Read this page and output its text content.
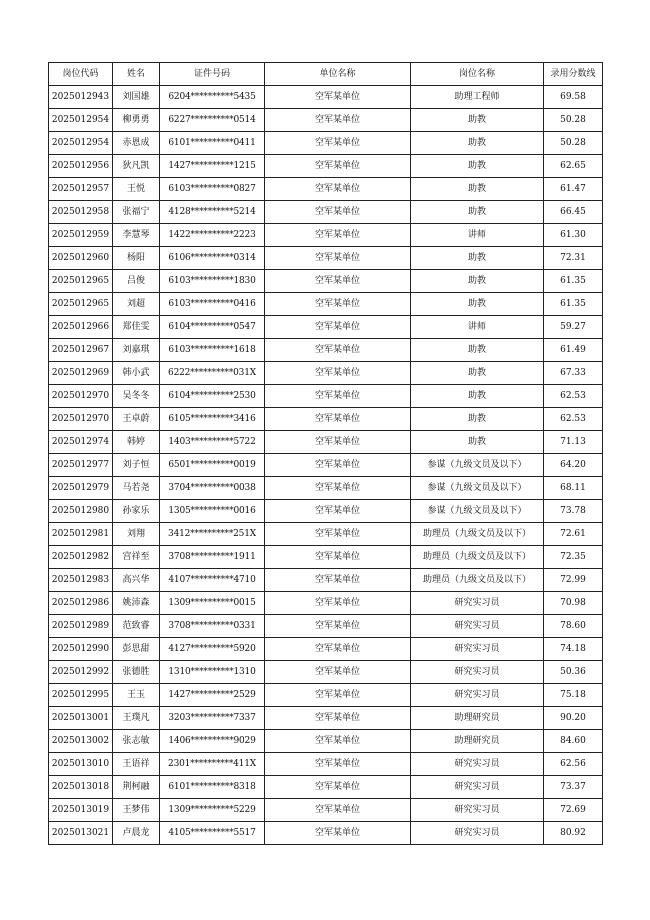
岗位代码	姓名	证件号码	单位名称	岗位名称	录用分数线
2025012943	刘国雄	6204**********5435	空军某单位	助理工程师	69.58
2025012954	柳勇勇	6227**********0514	空军某单位	助教	50.28
2025012954	赤恩成	6101**********0411	空军某单位	助教	50.28
2025012956	狄凡凯	1427**********1215	空军某单位	助教	62.65
2025012957	王悦	6103**********0827	空军某单位	助教	61.47
2025012958	张福宁	4128**********5214	空军某单位	助教	66.45
2025012959	李慧琴	1422**********2223	空军某单位	讲师	61.30
2025012960	杨阳	6106**********0314	空军某单位	助教	72.31
2025012965	吕俊	6103**********1830	空军某单位	助教	61.35
2025012965	刘超	6103**********0416	空军某单位	助教	61.35
2025012966	郑佳雯	6104**********0547	空军某单位	讲师	59.27
2025012967	刘嘉琪	6103**********1618	空军某单位	助教	61.49
2025012969	韩小武	6222**********031X	空军某单位	助教	67.33
2025012970	吴冬冬	6104**********2530	空军某单位	助教	62.53
2025012970	王卓蔚	6105**********3416	空军某单位	助教	62.53
2025012974	韩婷	1403**********5722	空军某单位	助教	71.13
2025012977	刘子恒	6501**********0019	空军某单位	参谋（九级文员及以下）	64.20
2025012979	马若尧	3704**********0038	空军某单位	参谋（九级文员及以下）	68.11
2025012980	孙家乐	1305**********0016	空军某单位	参谋（九级文员及以下）	73.78
2025012981	刘翔	3412**********251X	空军某单位	助理员（九级文员及以下）	72.61
2025012982	宫祥至	3708**********1911	空军某单位	助理员（九级文员及以下）	72.35
2025012983	高兴华	4107**********4710	空军某单位	助理员（九级文员及以下）	72.99
2025012986	姚沛森	1309**********0015	空军某单位	研究实习员	70.98
2025012989	范致睿	3708**********0331	空军某单位	研究实习员	78.60
2025012990	彭思甜	4127**********5920	空军某单位	研究实习员	74.18
2025012992	张德胜	1310**********1310	空军某单位	研究实习员	50.36
2025012995	王玉	1427**********2529	空军某单位	研究实习员	75.18
2025013001	王璞凡	3203**********7337	空军某单位	助理研究员	90.20
2025013002	张志敏	1406**********9029	空军某单位	助理研究员	84.60
2025013010	王语祥	2301**********411X	空军某单位	研究实习员	62.56
2025013018	荆柯融	6101**********8318	空军某单位	研究实习员	73.37
2025013019	王梦伟	1309**********5229	空军某单位	研究实习员	72.69
2025013021	卢晨龙	4105**********5517	空军某单位	研究实习员	80.92
